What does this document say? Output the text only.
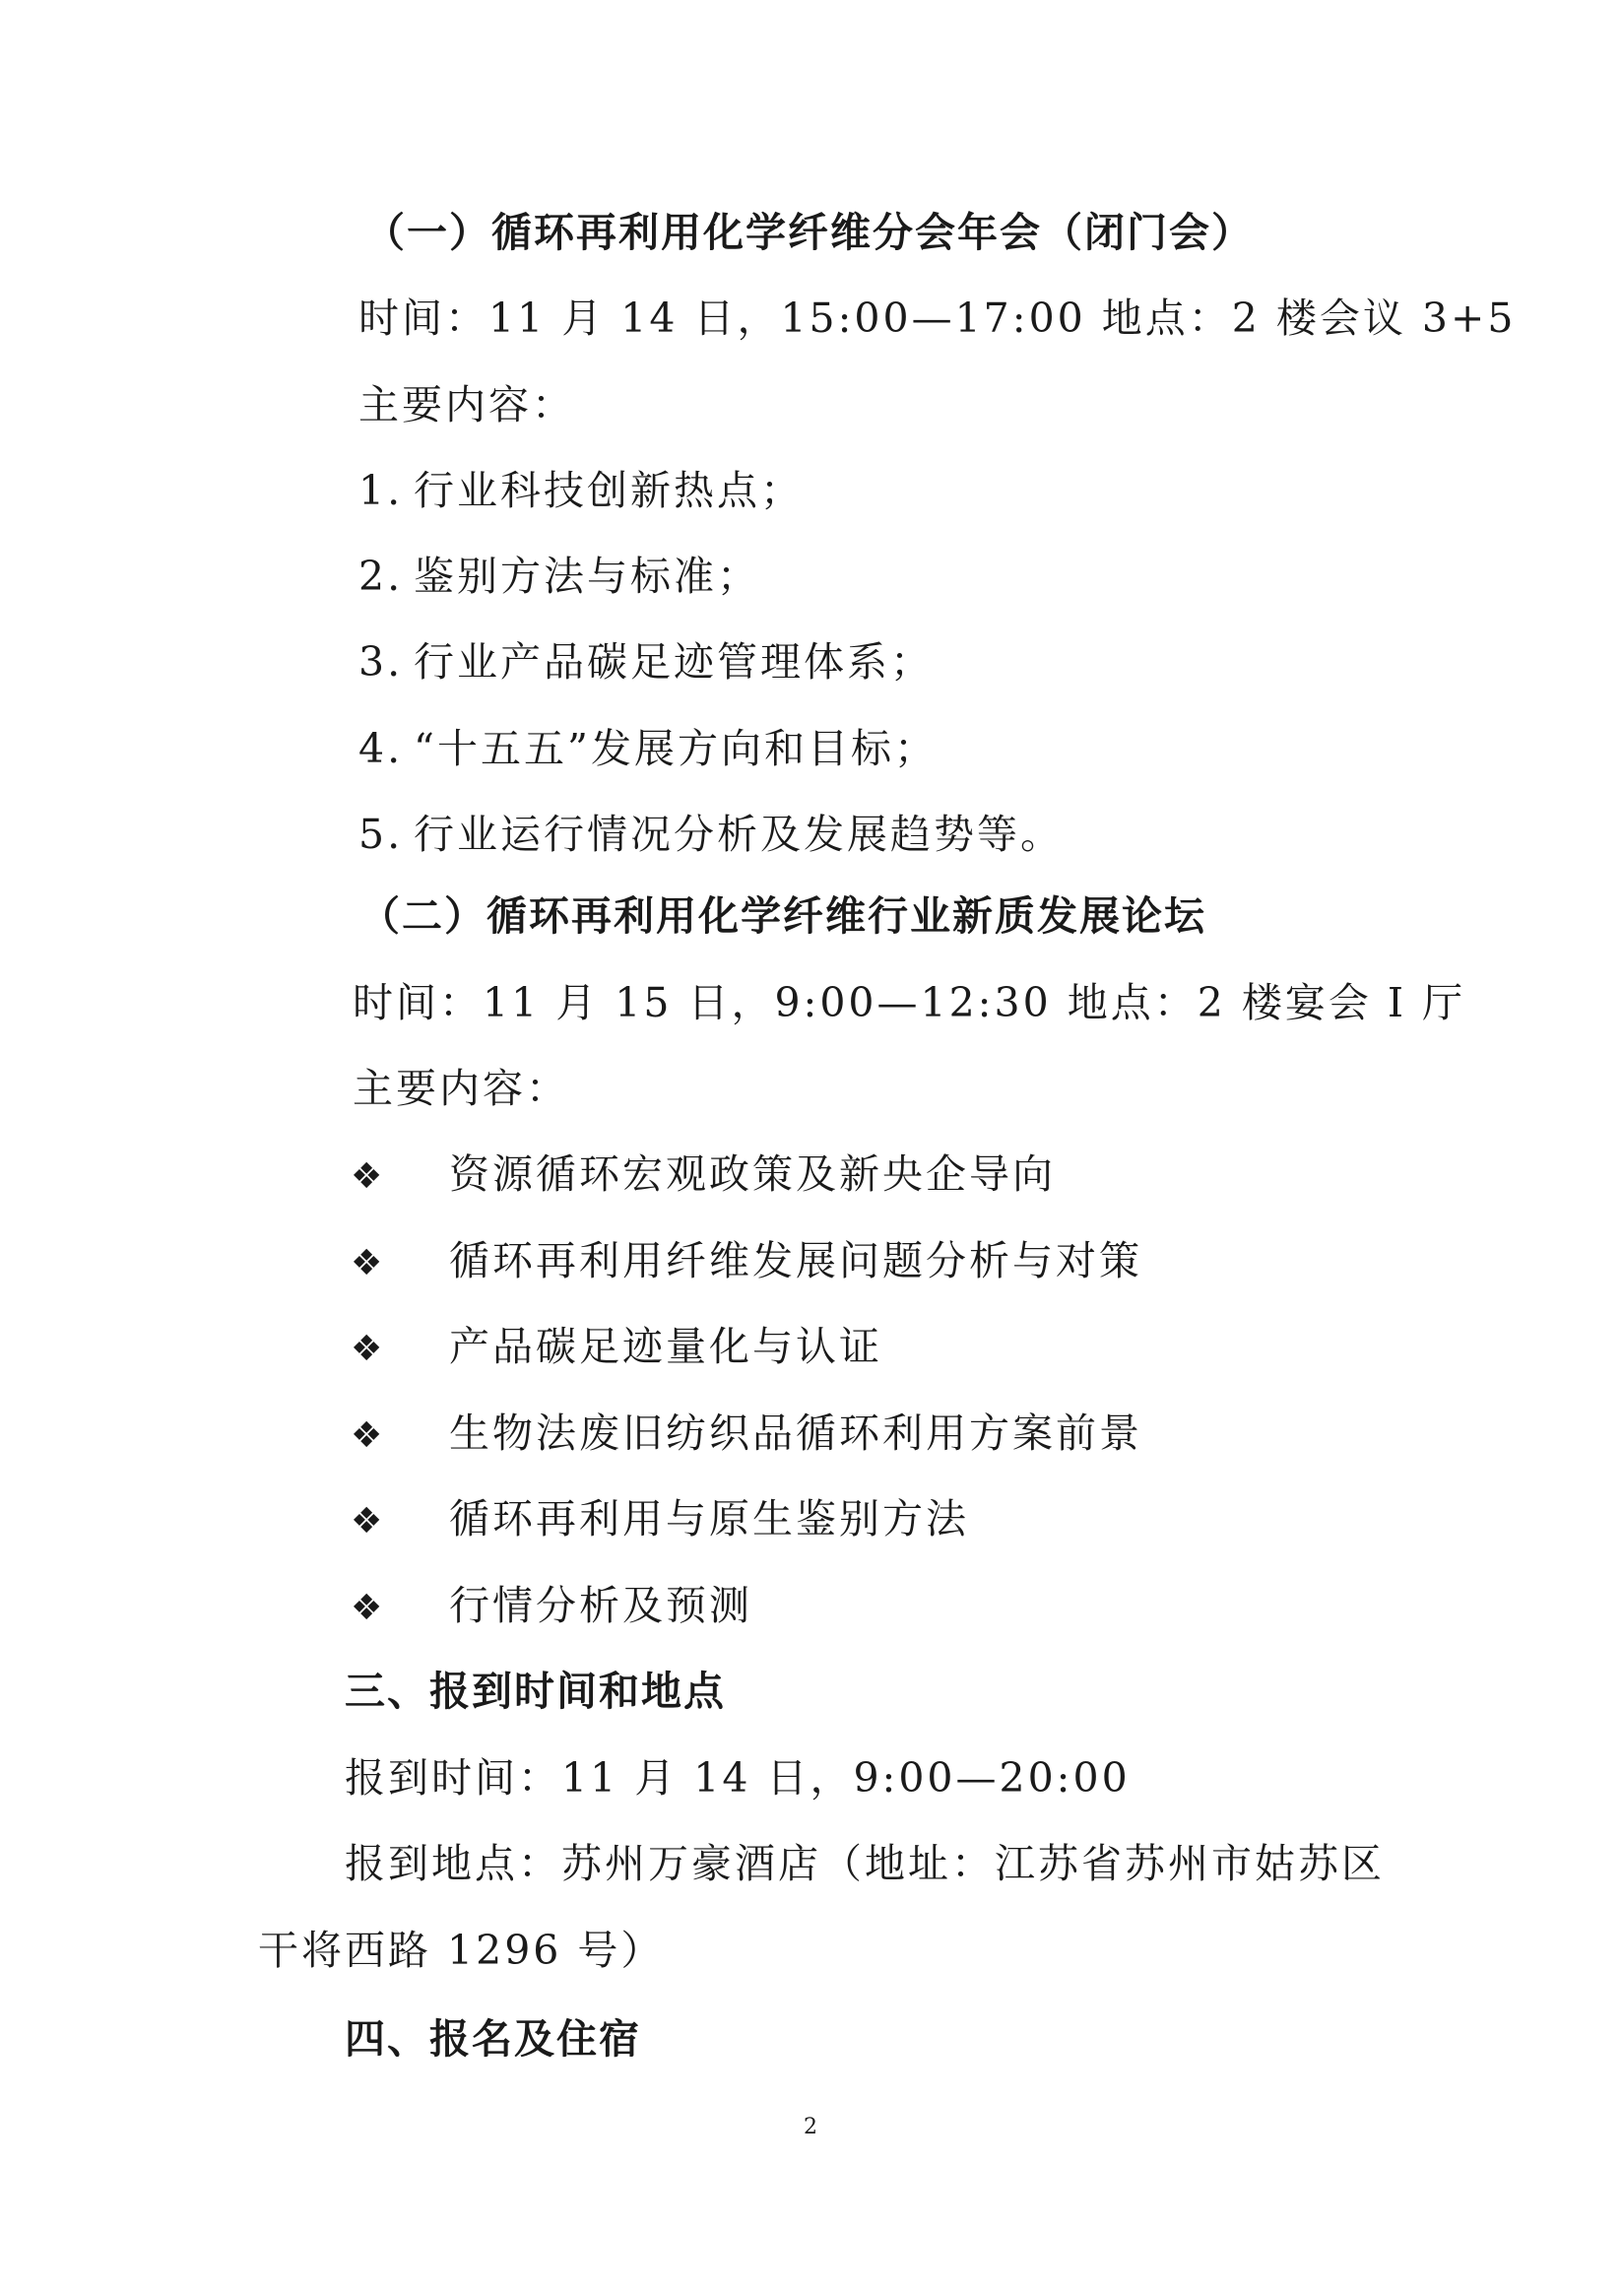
（一）循环再利用化学纤维分会年会（闭门会）
时间：11 月 14 日，15:00—17:00 地点：2 楼会议 3+5
主要内容：
1. 行业科技创新热点；
2. 鉴别方法与标准；
3. 行业产品碳足迹管理体系；
4. “十五五”发展方向和目标；
5. 行业运行情况分析及发展趋势等。
（二）循环再利用化学纤维行业新质发展论坛
时间：11 月 15 日，9:00—12:30 地点：2 楼宴会 I 厅
主要内容：
❖ 资源循环宏观政策及新央企导向
❖ 循环再利用纤维发展问题分析与对策
❖ 产品碳足迹量化与认证
❖ 生物法废旧纺织品循环利用方案前景
❖ 循环再利用与原生鉴别方法
❖ 行情分析及预测
三、报到时间和地点
报到时间：11 月 14 日，9:00—20:00
报到地点：苏州万豪酒店（地址：江苏省苏州市姑苏区
干将西路 1296 号）
四、报名及住宿
2
